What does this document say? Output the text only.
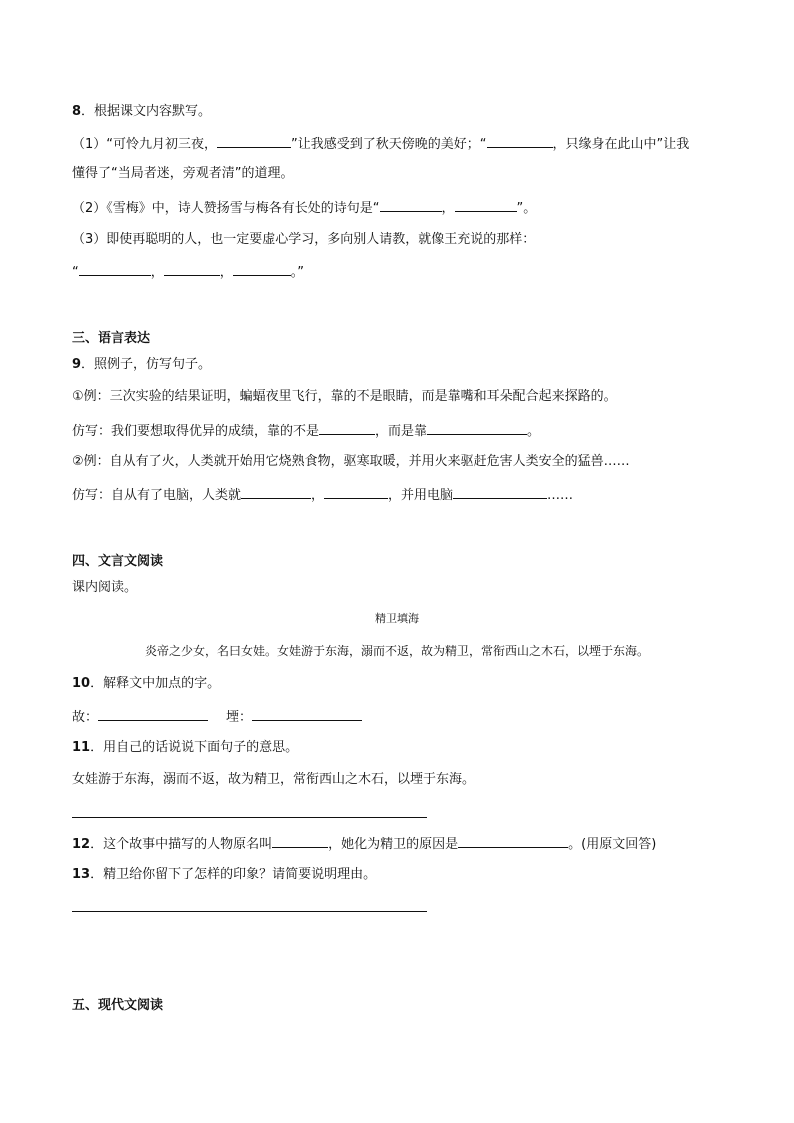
8．根据课文内容默写。
（1）“可怜九月初三夜，	”让我感受到了秋天傍晚的美好；“	，只缘身在此山中”让我
懂得了“当局者迷，旁观者清”的道理。
（2）《雪梅》中，诗人赞扬雪与梅各有长处的诗句是“	，	”。
（3）即使再聪明的人，也一定要虚心学习，多向别人请教，就像王充说的那样：
“	，	，	。”
三、语言表达
9．照例子，仿写句子。
①例：三次实验的结果证明，蝙蝠夜里飞行，靠的不是眼睛，而是靠嘴和耳朵配合起来探路的。
仿写：我们要想取得优异的成绩，靠的不是	，而是靠	。
②例：自从有了火，人类就开始用它烧熟食物，驱寒取暖，并用火来驱赶危害人类安全的猛兽……
仿写：自从有了电脑，人类就	，	，并用电脑	……
四、文言文阅读
课内阅读。
精卫填海
炎帝之少女，名曰女娃。女娃游于东海，溺而不返，故为精卫，常衔西山之木石，以堙于东海。
10．解释文中加点的字。
故：	堙：
11．用自己的话说说下面句子的意思。
女娃游于东海，溺而不返，故为精卫，常衔西山之木石，以堙于东海。
12．这个故事中描写的人物原名叫	，她化为精卫的原因是	。(用原文回答)
13．精卫给你留下了怎样的印象？请简要说明理由。
五、现代文阅读
